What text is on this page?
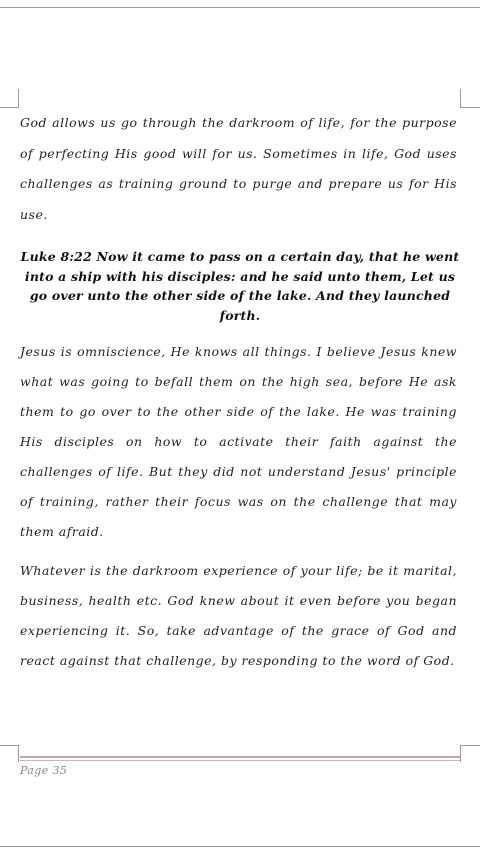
God allows us go through the darkroom of life, for the purpose of perfecting His good will for us. Sometimes in life, God uses challenges as training ground to purge and prepare us for His use.

Luke 8:22 Now it came to pass on a certain day, that he went into a ship with his disciples: and he said unto them, Let us go over unto the other side of the lake. And they launched forth.

Jesus is omniscience, He knows all things. I believe Jesus knew what was going to befall them on the high sea, before He ask them to go over to the other side of the lake. He was training His disciples on how to activate their faith against the challenges of life. But they did not understand Jesus' principle of training, rather their focus was on the challenge that may them afraid.

Whatever is the darkroom experience of your life; be it marital, business, health etc. God knew about it even before you began experiencing it. So, take advantage of the grace of God and react against that challenge, by responding to the word of God.

Page 35
